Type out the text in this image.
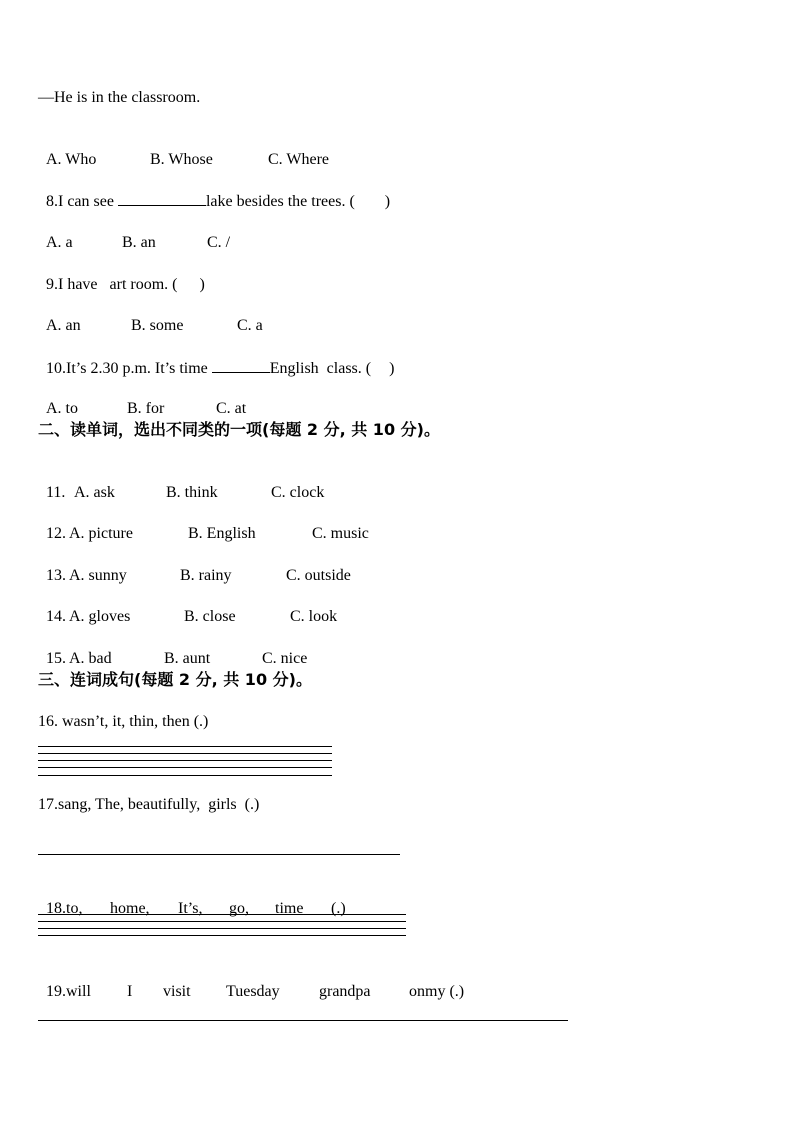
—He is in the classroom.

A. Who	B. Whose	C. Where

8.I can see	lake besides the trees. ( )

A. a	B. an	C. /

9.I have   art room. ( )

A. an	B. some	C. a

10.It’s 2.30 p.m. It’s time	English  class. ( )

A. to	B. for	C. at

二、读单词，选出不同类的一项(每题 2 分, 共 10 分)。

11. A. ask	B. think	C. clock

12. A. picture	B. English	C. music

13. A. sunny	B. rainy	C. outside

14. A. gloves	B. close	C. look

15. A. bad	B. aunt	C. nice

三、连词成句(每题 2 分, 共 10 分)。

16. wasn’t, it, thin, then (.)

17.sang, The, beautifully,  girls  (.)

18.to, home, It’s, go, time (.)

19.will I visit Tuesday grandpa onmy (.)
